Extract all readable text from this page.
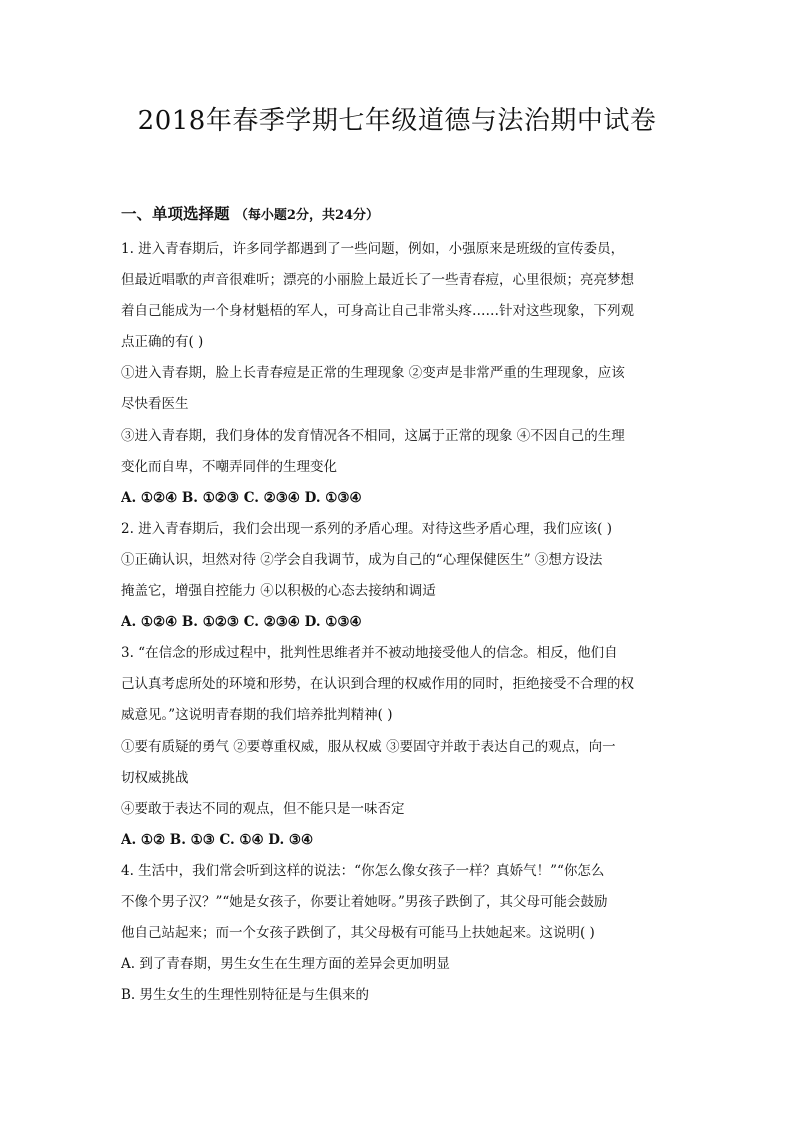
2018年春季学期七年级道德与法治期中试卷
一、单项选择题 （每小题2分，共24分）
1. 进入青春期后，许多同学都遇到了一些问题，例如，小强原来是班级的宣传委员，
但最近唱歌的声音很难听；漂亮的小丽脸上最近长了一些青春痘，心里很烦；亮亮梦想
着自己能成为一个身材魁梧的军人，可身高让自己非常头疼……针对这些现象，下列观
点正确的有( )
①进入青春期，脸上长青春痘是正常的生理现象 ②变声是非常严重的生理现象，应该
尽快看医生
③进入青春期，我们身体的发育情况各不相同，这属于正常的现象 ④不因自己的生理
变化而自卑，不嘲弄同伴的生理变化
A. ①②④ B. ①②③ C. ②③④ D. ①③④
2. 进入青春期后，我们会出现一系列的矛盾心理。对待这些矛盾心理，我们应该( )
①正确认识，坦然对待 ②学会自我调节，成为自己的“心理保健医生” ③想方设法
掩盖它，增强自控能力 ④以积极的心态去接纳和调适
A. ①②④ B. ①②③ C. ②③④ D. ①③④
3. “在信念的形成过程中，批判性思维者并不被动地接受他人的信念。相反，他们自
己认真考虑所处的环境和形势，在认识到合理的权威作用的同时，拒绝接受不合理的权
威意见。”这说明青春期的我们培养批判精神( )
①要有质疑的勇气 ②要尊重权威，服从权威 ③要固守并敢于表达自己的观点，向一
切权威挑战
④要敢于表达不同的观点，但不能只是一味否定
A. ①② B. ①③ C. ①④ D. ③④
4. 生活中，我们常会听到这样的说法：“你怎么像女孩子一样？真娇气！”“你怎么
不像个男子汉？”“她是女孩子，你要让着她呀。”男孩子跌倒了，其父母可能会鼓励
他自己站起来；而一个女孩子跌倒了，其父母极有可能马上扶她起来。这说明( )
A. 到了青春期，男生女生在生理方面的差异会更加明显
B. 男生女生的生理性别特征是与生俱来的
